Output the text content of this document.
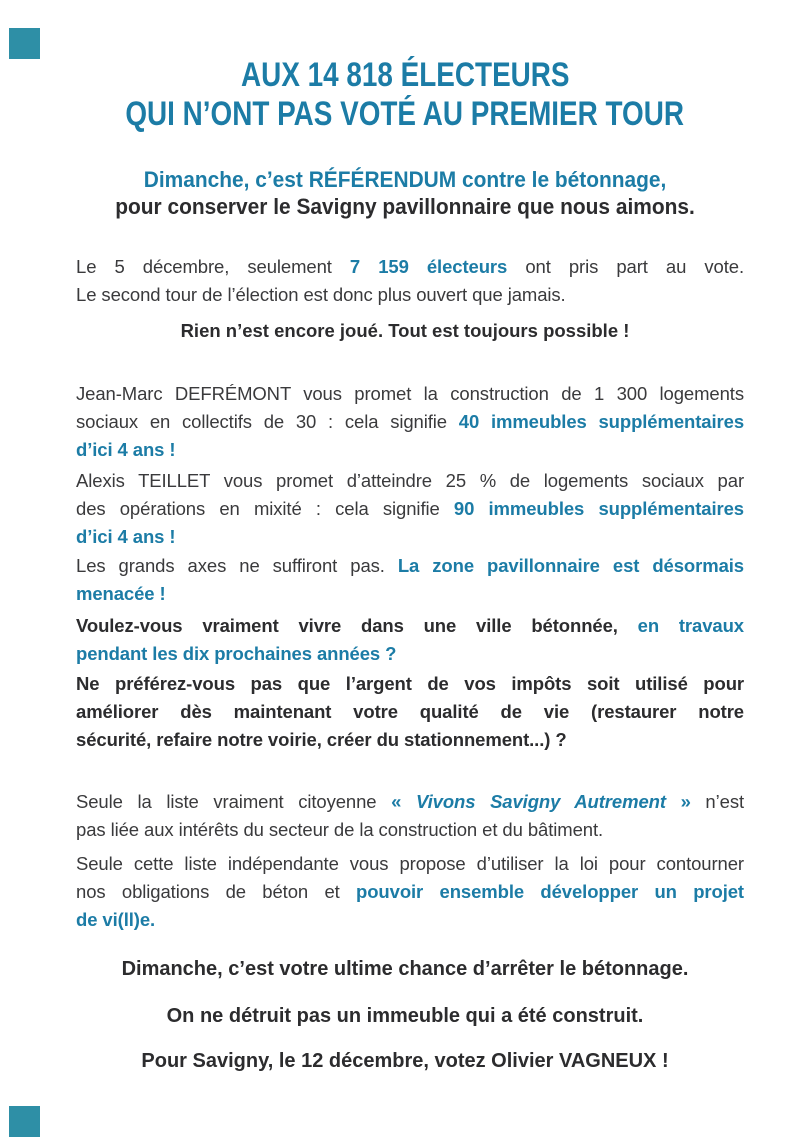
AUX 14 818 ÉLECTEURS
QUI N’ONT PAS VOTÉ AU PREMIER TOUR
Dimanche, c’est RÉFÉRENDUM contre le bétonnage,
pour conserver le Savigny pavillonnaire que nous aimons.
Le 5 décembre, seulement 7 159 électeurs ont pris part au vote.
Le second tour de l’élection est donc plus ouvert que jamais.
Rien n’est encore joué. Tout est toujours possible !
Jean-Marc DEFRÉMONT vous promet la construction de 1 300 logements
sociaux en collectifs de 30 : cela signifie 40 immeubles supplémentaires
d’ici 4 ans !
Alexis TEILLET vous promet d’atteindre 25 % de logements sociaux par
des opérations en mixité : cela signifie 90 immeubles supplémentaires
d’ici 4 ans !
Les grands axes ne suffiront pas. La zone pavillonnaire est désormais
menacée !
Voulez-vous vraiment vivre dans une ville bétonnée, en travaux
pendant les dix prochaines années ?
Ne préférez-vous pas que l’argent de vos impôts soit utilisé pour
améliorer dès maintenant votre qualité de vie (restaurer notre
sécurité, refaire notre voirie, créer du stationnement...) ?
Seule la liste vraiment citoyenne « Vivons Savigny Autrement » n’est
pas liée aux intérêts du secteur de la construction et du bâtiment.
Seule cette liste indépendante vous propose d’utiliser la loi pour contourner
nos obligations de béton et pouvoir ensemble développer un projet
de vi(ll)e.
Dimanche, c’est votre ultime chance d’arrêter le bétonnage.
On ne détruit pas un immeuble qui a été construit.
Pour Savigny, le 12 décembre, votez Olivier VAGNEUX !
